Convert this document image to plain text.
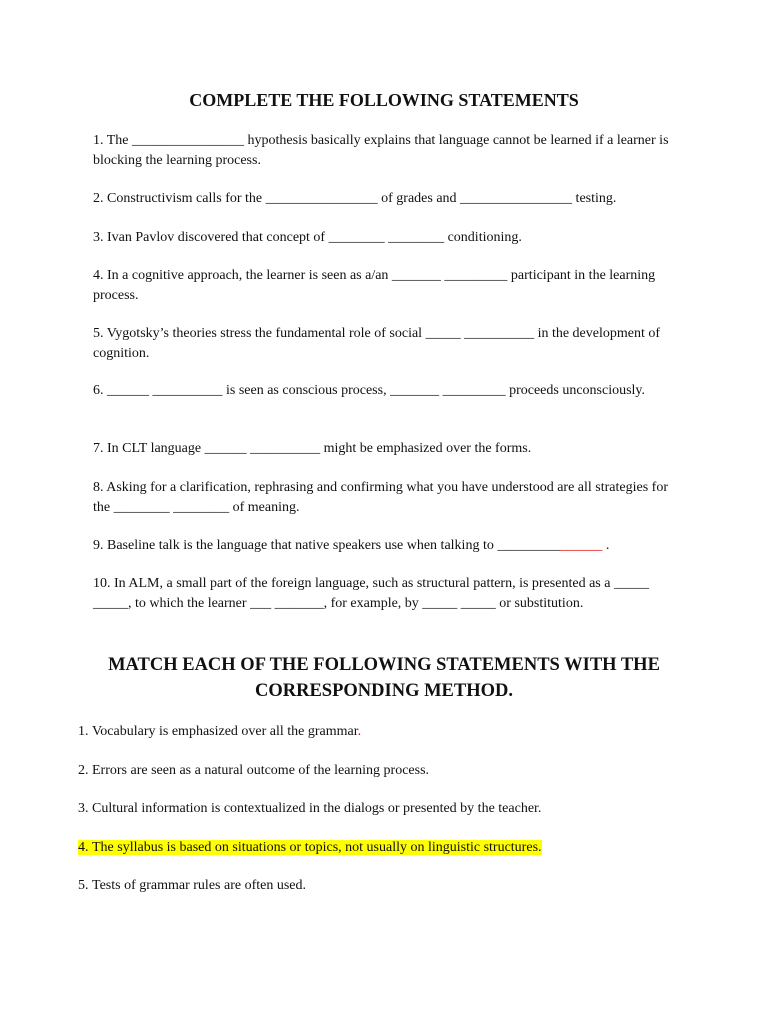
COMPLETE THE FOLLOWING STATEMENTS

1. The ________________ hypothesis basically explains that language cannot be learned if a learner is blocking the learning process.

2. Constructivism calls for the ________________ of grades and ________________ testing.

3. Ivan Pavlov discovered that concept of ________ ________ conditioning.

4. In a cognitive approach, the learner is seen as a/an _______ _________ participant in the learning process.

5. Vygotsky’s theories stress the fundamental role of social _____ __________ in the development of cognition.

6. ______ __________ is seen as conscious process, _______ _________ proceeds unconsciously.

7. In CLT language ______ __________ might be emphasized over the forms.

8. Asking for a clarification, rephrasing and confirming what you have understood are all strategies for the ________ ________ of meaning.

9. Baseline talk is the language that native speakers use when talking to _______________ .

10. In ALM, a small part of the foreign language, such as structural pattern, is presented as a _____ _____, to which the learner ___ _______, for example, by _____ _____ or substitution.

MATCH EACH OF THE FOLLOWING STATEMENTS WITH THE CORRESPONDING METHOD.

1. Vocabulary is emphasized over all the grammar.

2. Errors are seen as a natural outcome of the learning process.

3. Cultural information is contextualized in the dialogs or presented by the teacher.

4. The syllabus is based on situations or topics, not usually on linguistic structures.

5. Tests of grammar rules are often used.
